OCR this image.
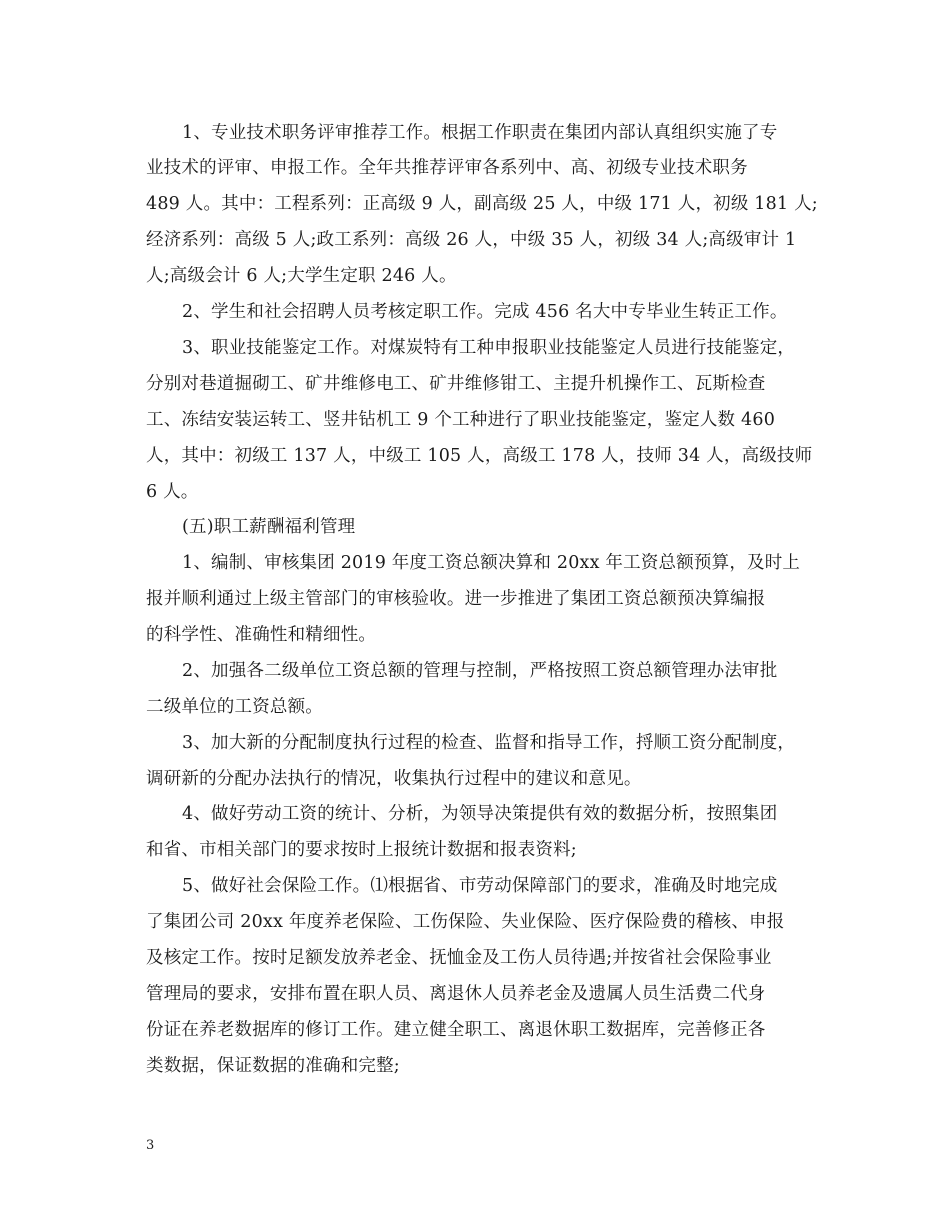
1、专业技术职务评审推荐工作。根据工作职责在集团内部认真组织实施了专
业技术的评审、申报工作。全年共推荐评审各系列中、高、初级专业技术职务
489 人。其中：工程系列：正高级 9 人，副高级 25 人，中级 171 人，初级 181 人;
经济系列：高级 5 人;政工系列：高级 26 人，中级 35 人，初级 34 人;高级审计 1
人;高级会计 6 人;大学生定职 246 人。
2、学生和社会招聘人员考核定职工作。完成 456 名大中专毕业生转正工作。
3、职业技能鉴定工作。对煤炭特有工种申报职业技能鉴定人员进行技能鉴定，
分别对巷道掘砌工、矿井维修电工、矿井维修钳工、主提升机操作工、瓦斯检查
工、冻结安装运转工、竖井钻机工 9 个工种进行了职业技能鉴定，鉴定人数 460
人，其中：初级工 137 人，中级工 105 人，高级工 178 人，技师 34 人，高级技师
6 人。
(五)职工薪酬福利管理
1、编制、审核集团 2019 年度工资总额决算和 20xx 年工资总额预算，及时上
报并顺利通过上级主管部门的审核验收。进一步推进了集团工资总额预决算编报
的科学性、准确性和精细性。
2、加强各二级单位工资总额的管理与控制，严格按照工资总额管理办法审批
二级单位的工资总额。
3、加大新的分配制度执行过程的检查、监督和指导工作，捋顺工资分配制度，
调研新的分配办法执行的情况，收集执行过程中的建议和意见。
4、做好劳动工资的统计、分析，为领导决策提供有效的数据分析，按照集团
和省、市相关部门的要求按时上报统计数据和报表资料;
5、做好社会保险工作。⑴根据省、市劳动保障部门的要求，准确及时地完成
了集团公司 20xx 年度养老保险、工伤保险、失业保险、医疗保险费的稽核、申报
及核定工作。按时足额发放养老金、抚恤金及工伤人员待遇;并按省社会保险事业
管理局的要求，安排布置在职人员、离退休人员养老金及遗属人员生活费二代身
份证在养老数据库的修订工作。建立健全职工、离退休职工数据库，完善修正各
类数据，保证数据的准确和完整;
3
